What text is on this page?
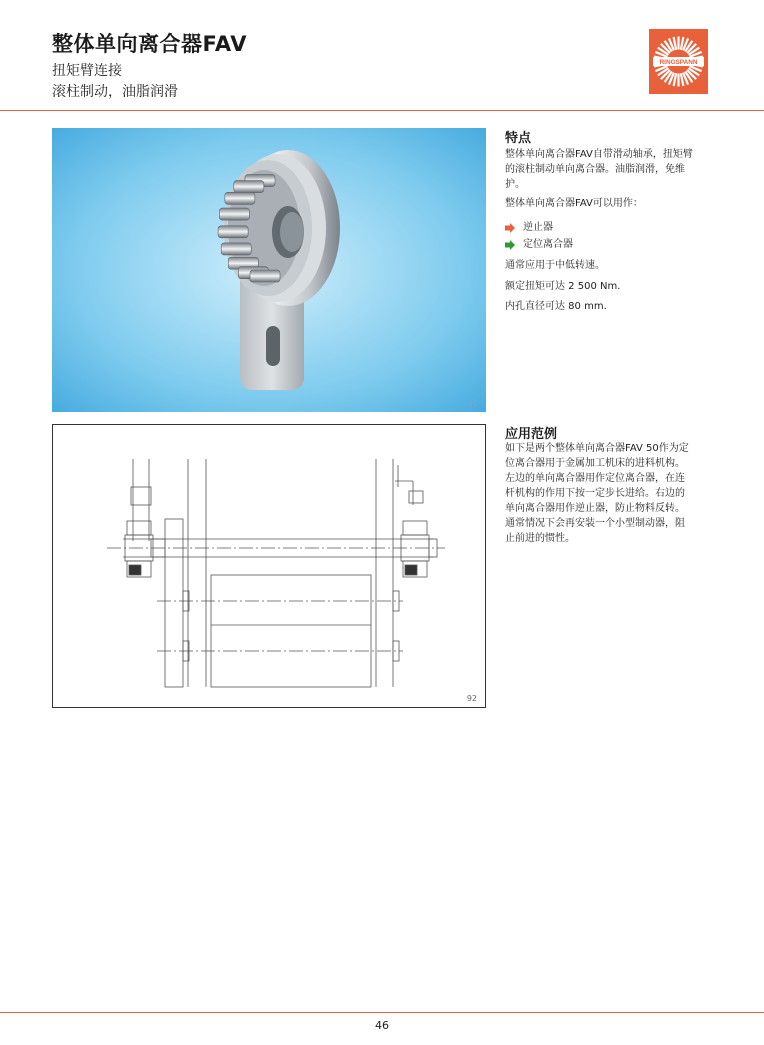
整体单向离合器FAV
扭矩臂连接
滚柱制动，油脂润滑
RINGSPANN
91
92
特点
整体单向离合器FAV自带滑动轴承，扭矩臂
的滚柱制动单向离合器。油脂润滑，免维
护。
整体单向离合器FAV可以用作：
逆止器
定位离合器
通常应用于中低转速。
额定扭矩可达 2 500 Nm.
内孔直径可达 80 mm.
应用范例
如下是两个整体单向离合器FAV 50作为定
位离合器用于金属加工机床的进料机构。
左边的单向离合器用作定位离合器，在连
杆机构的作用下按一定步长进给。右边的
单向离合器用作逆止器，防止物料反转。
通常情况下会再安装一个小型制动器，阻
止前进的惯性。
46
